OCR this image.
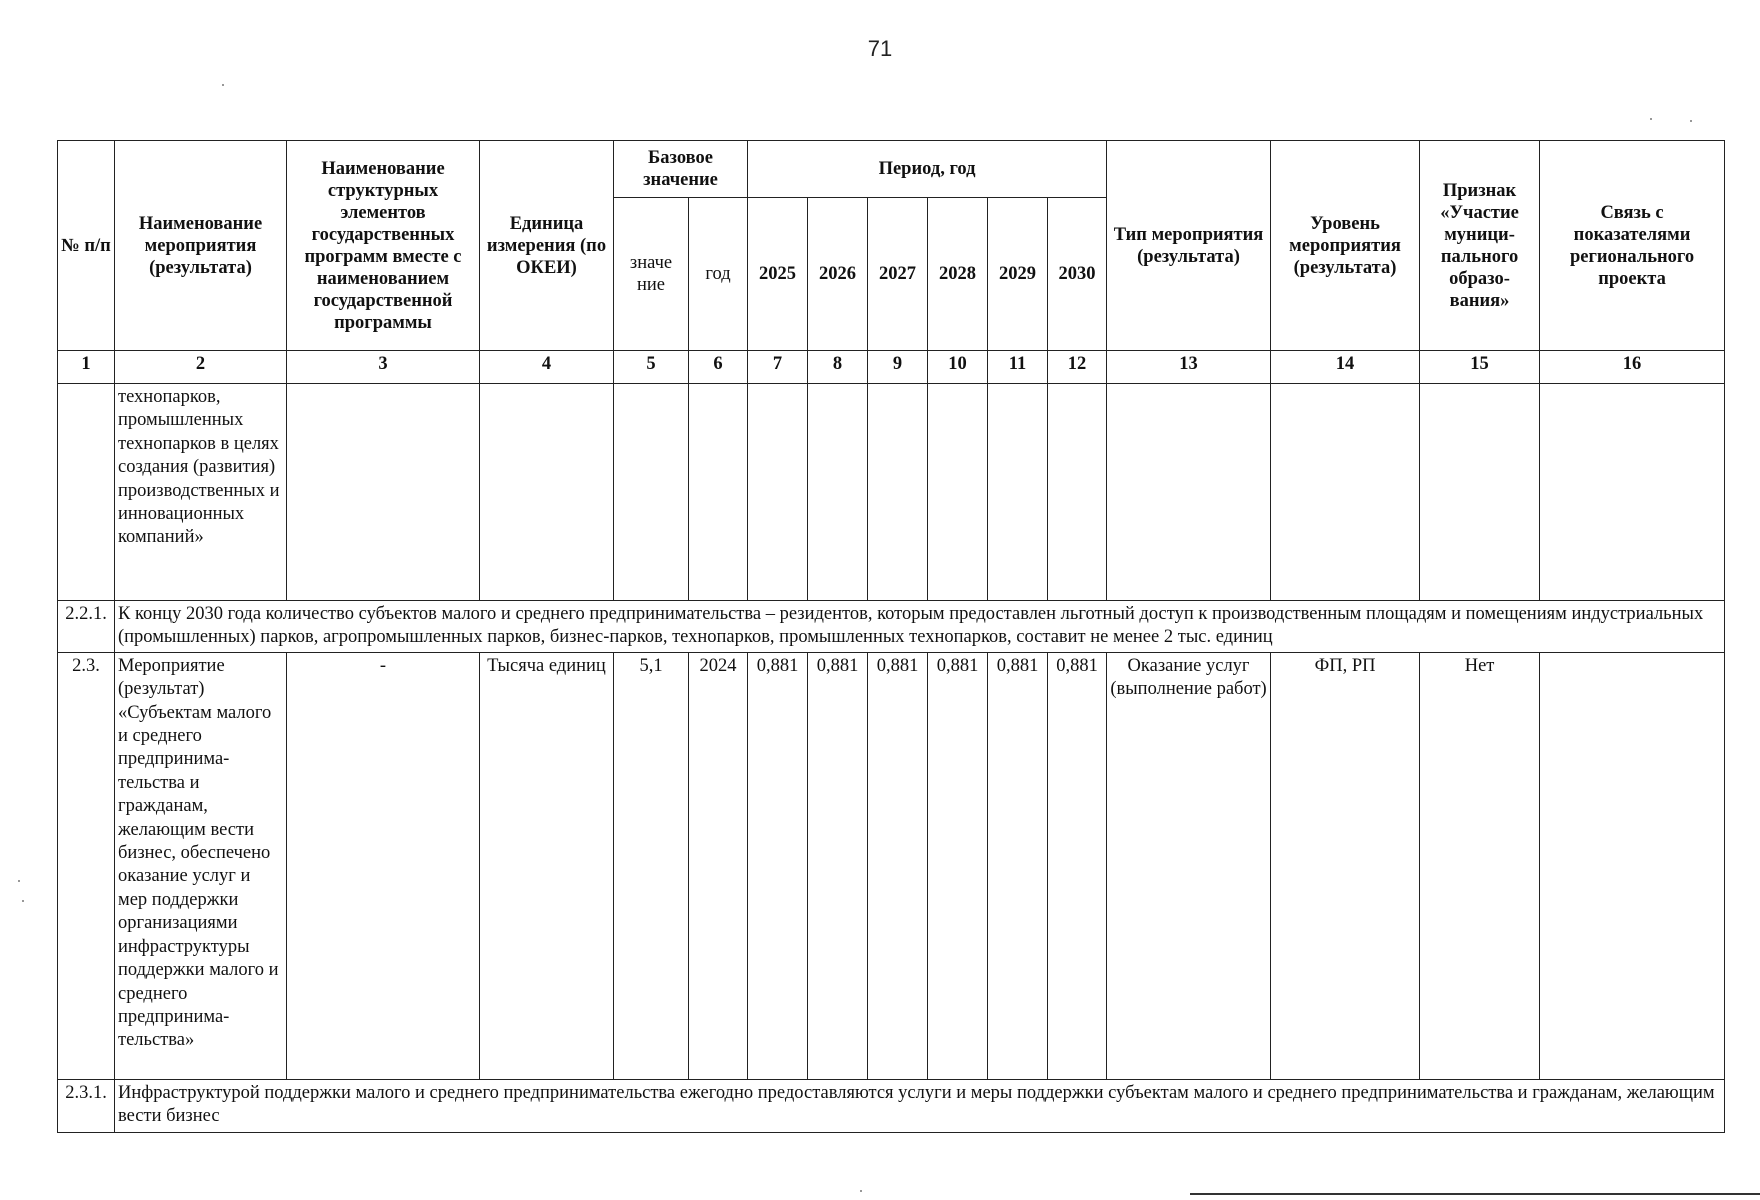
71
№ п/п	Наименование мероприятия (результата)	Наименование структурных элементов государственных программ вместе с наименованием государственной программы	Единица измерения (по ОКЕИ)	Базовое значение		Период, год						Тип мероприятия (результата)	Уровень мероприятия (результата)	Признак «Участие муници- пального образо- вания»	Связь с показателями регионального проекта
				значе ние	год	2025	2026	2027	2028	2029	2030				
1	2	3	4	5	6	7	8	9	10	11	12	13	14	15	16
	технопарков, промышленных технопарков в целях создания (развития) производственных и инновационных компаний»														
2.2.1.	К концу 2030 года количество субъектов малого и среднего предпринимательства – резидентов, которым предоставлен льготный доступ к производственным площадям и помещениям индустриальных (промышленных) парков, агропромышленных парков, бизнес-парков, технопарков, промышленных технопарков, составит не менее 2 тыс. единиц														
2.3.	Мероприятие (результат) «Субъектам малого и среднего предпринима- тельства и гражданам, желающим вести бизнес, обеспечено оказание услуг и мер поддержки организациями инфраструктуры поддержки малого и среднего предпринима- тельства»	-	Тысяча единиц	5,1	2024	0,881	0,881	0,881	0,881	0,881	0,881	Оказание услуг (выполнение работ)	ФП, РП	Нет	
2.3.1.	Инфраструктурой поддержки малого и среднего предпринимательства ежегодно предоставляются услуги и меры поддержки субъектам малого и среднего предпринимательства и гражданам, желающим вести бизнес														
